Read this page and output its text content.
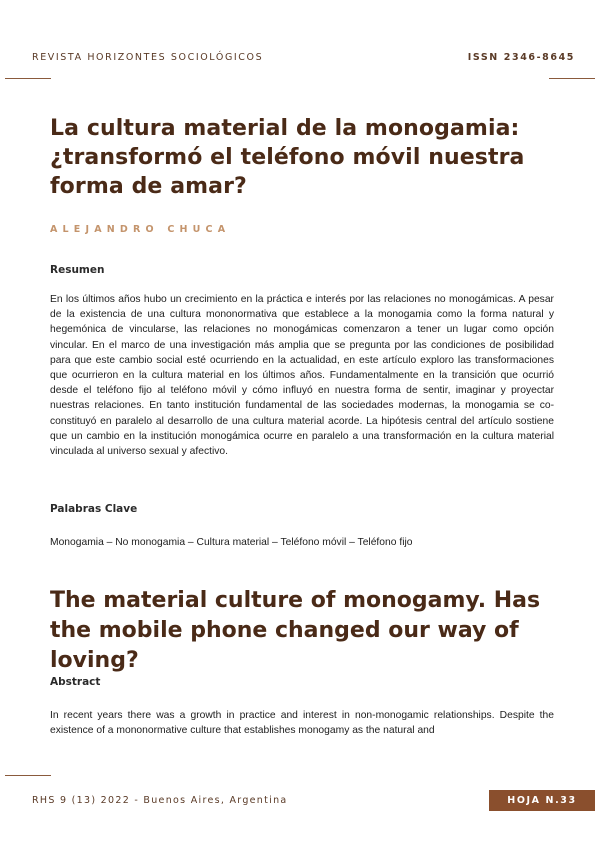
REVISTA HORIZONTES SOCIOLÓGICOS	ISSN 2346-8645
La cultura material de la monogamia: ¿transformó el teléfono móvil nuestra forma de amar?
ALEJANDRO CHUCA
Resumen

En los últimos años hubo un crecimiento en la práctica e interés por las relaciones no monogámicas. A pesar de la existencia de una cultura mononormativa que establece a la monogamia como la forma natural y hegemónica de vincularse, las relaciones no monogámicas comenzaron a tener un lugar como opción vincular. En el marco de una investigación más amplia que se pregunta por las condiciones de posibilidad para que este cambio social esté ocurriendo en la actualidad, en este artículo exploro las transformaciones que ocurrieron en la cultura material en los últimos años. Fundamentalmente en la transición que ocurrió desde el teléfono fijo al teléfono móvil y cómo influyó en nuestra forma de sentir, imaginar y proyectar nuestras relaciones. En tanto institución fundamental de las sociedades modernas, la monogamia se co-constituyó en paralelo al desarrollo de una cultura material acorde. La hipótesis central del artículo sostiene que un cambio en la institución monogámica ocurre en paralelo a una transformación en la cultura material vinculada al universo sexual y afectivo.

Palabras Clave

Monogamia – No monogamia – Cultura material – Teléfono móvil – Teléfono fijo

The material culture of monogamy. Has the mobile phone changed our way of loving?
Abstract

In recent years there was a growth in practice and interest in non-monogamic relationships. Despite the existence of a mononormative culture that establishes monogamy as the natural and

RHS 9 (13) 2022 - Buenos Aires, Argentina	HOJA N.33
